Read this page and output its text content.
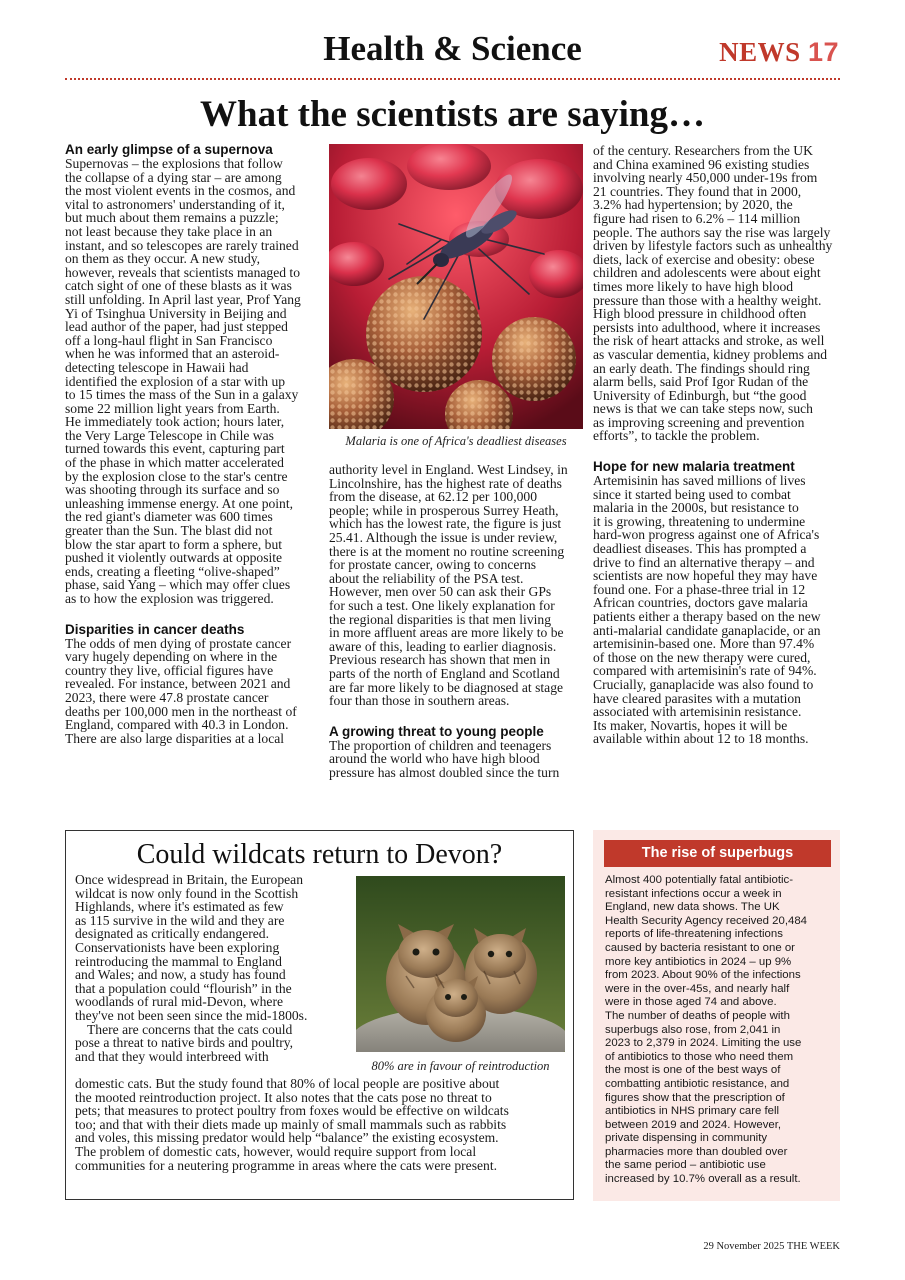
Health & Science	NEWS 17
What the scientists are saying…
An early glimpse of a supernova
Supernovas – the explosions that follow
the collapse of a dying star – are among
the most violent events in the cosmos, and
vital to astronomers' understanding of it,
but much about them remains a puzzle;
not least because they take place in an
instant, and so telescopes are rarely trained
on them as they occur. A new study,
however, reveals that scientists managed to
catch sight of one of these blasts as it was
still unfolding. In April last year, Prof Yang
Yi of Tsinghua University in Beijing and
lead author of the paper, had just stepped
off a long-haul flight in San Francisco
when he was informed that an asteroid-
detecting telescope in Hawaii had
identified the explosion of a star with up
to 15 times the mass of the Sun in a galaxy
some 22 million light years from Earth.
He immediately took action; hours later,
the Very Large Telescope in Chile was
turned towards this event, capturing part
of the phase in which matter accelerated
by the explosion close to the star's centre
was shooting through its surface and so
unleashing immense energy. At one point,
the red giant's diameter was 600 times
greater than the Sun. The blast did not
blow the star apart to form a sphere, but
pushed it violently outwards at opposite
ends, creating a fleeting “olive-shaped”
phase, said Yang – which may offer clues
as to how the explosion was triggered.
Disparities in cancer deaths
The odds of men dying of prostate cancer
vary hugely depending on where in the
country they live, official figures have
revealed. For instance, between 2021 and
2023, there were 47.8 prostate cancer
deaths per 100,000 men in the northeast of
England, compared with 40.3 in London.
There are also large disparities at a local
Malaria is one of Africa's deadliest diseases
authority level in England. West Lindsey, in
Lincolnshire, has the highest rate of deaths
from the disease, at 62.12 per 100,000
people; while in prosperous Surrey Heath,
which has the lowest rate, the figure is just
25.41. Although the issue is under review,
there is at the moment no routine screening
for prostate cancer, owing to concerns
about the reliability of the PSA test.
However, men over 50 can ask their GPs
for such a test. One likely explanation for
the regional disparities is that men living
in more affluent areas are more likely to be
aware of this, leading to earlier diagnosis.
Previous research has shown that men in
parts of the north of England and Scotland
are far more likely to be diagnosed at stage
four than those in southern areas.
A growing threat to young people
The proportion of children and teenagers
around the world who have high blood
pressure has almost doubled since the turn
of the century. Researchers from the UK
and China examined 96 existing studies
involving nearly 450,000 under-19s from
21 countries. They found that in 2000,
3.2% had hypertension; by 2020, the
figure had risen to 6.2% – 114 million
people. The authors say the rise was largely
driven by lifestyle factors such as unhealthy
diets, lack of exercise and obesity: obese
children and adolescents were about eight
times more likely to have high blood
pressure than those with a healthy weight.
High blood pressure in childhood often
persists into adulthood, where it increases
the risk of heart attacks and stroke, as well
as vascular dementia, kidney problems and
an early death. The findings should ring
alarm bells, said Prof Igor Rudan of the
University of Edinburgh, but “the good
news is that we can take steps now, such
as improving screening and prevention
efforts”, to tackle the problem.
Hope for new malaria treatment
Artemisinin has saved millions of lives
since it started being used to combat
malaria in the 2000s, but resistance to
it is growing, threatening to undermine
hard-won progress against one of Africa's
deadliest diseases. This has prompted a
drive to find an alternative therapy – and
scientists are now hopeful they may have
found one. For a phase-three trial in 12
African countries, doctors gave malaria
patients either a therapy based on the new
anti-malarial candidate ganaplacide, or an
artemisinin-based one. More than 97.4%
of those on the new therapy were cured,
compared with artemisinin's rate of 94%.
Crucially, ganaplacide was also found to
have cleared parasites with a mutation
associated with artemisinin resistance.
Its maker, Novartis, hopes it will be
available within about 12 to 18 months.
Could wildcats return to Devon?
Once widespread in Britain, the European
wildcat is now only found in the Scottish
Highlands, where it's estimated as few
as 115 survive in the wild and they are
designated as critically endangered.
Conservationists have been exploring
reintroducing the mammal to England
and Wales; and now, a study has found
that a population could “flourish” in the
woodlands of rural mid-Devon, where
they've not been seen since the mid-1800s.
There are concerns that the cats could
pose a threat to native birds and poultry,
and that they would interbreed with
domestic cats. But the study found that 80% of local people are positive about
the mooted reintroduction project. It also notes that the cats pose no threat to
pets; that measures to protect poultry from foxes would be effective on wildcats
too; and that with their diets made up mainly of small mammals such as rabbits
and voles, this missing predator would help “balance” the existing ecosystem.
The problem of domestic cats, however, would require support from local
communities for a neutering programme in areas where the cats were present.
80% are in favour of reintroduction
The rise of superbugs
Almost 400 potentially fatal antibiotic-
resistant infections occur a week in
England, new data shows. The UK
Health Security Agency received 20,484
reports of life-threatening infections
caused by bacteria resistant to one or
more key antibiotics in 2024 – up 9%
from 2023. About 90% of the infections
were in the over-45s, and nearly half
were in those aged 74 and above.
The number of deaths of people with
superbugs also rose, from 2,041 in
2023 to 2,379 in 2024. Limiting the use
of antibiotics to those who need them
the most is one of the best ways of
combatting antibiotic resistance, and
figures show that the prescription of
antibiotics in NHS primary care fell
between 2019 and 2024. However,
private dispensing in community
pharmacies more than doubled over
the same period – antibiotic use
increased by 10.7% overall as a result.
29 November 2025 THE WEEK
